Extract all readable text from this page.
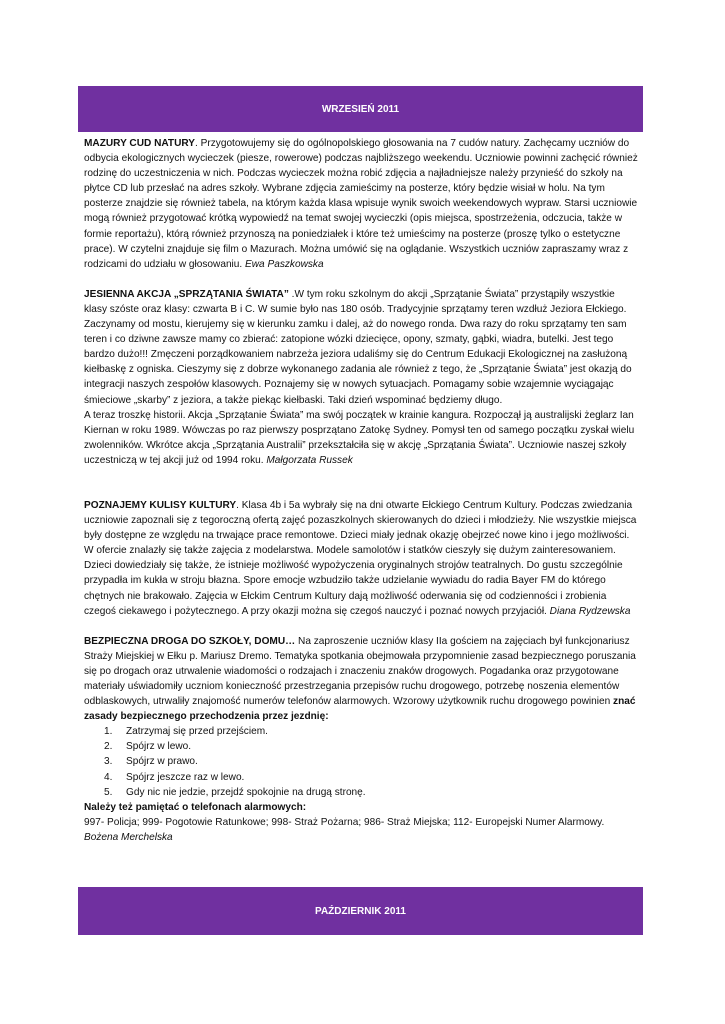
WRZESIEŃ 2011

MAZURY CUD NATURY. Przygotowujemy się do ogólnopolskiego głosowania na 7 cudów natury. Zachęcamy uczniów do odbycia ekologicznych wycieczek (piesze, rowerowe) podczas najbliższego weekendu. Uczniowie powinni zachęcić również rodzinę do uczestniczenia w nich. Podczas wycieczek można robić zdjęcia a najładniejsze należy przynieść do szkoły na płytce CD lub przesłać na adres szkoły. Wybrane zdjęcia zamieścimy na posterze, który będzie wisiał w holu. Na tym posterze znajdzie się również tabela, na którym każda klasa wpisuje wynik swoich weekendowych wypraw. Starsi uczniowie mogą również przygotować krótką wypowiedź na temat swojej wycieczki (opis miejsca, spostrzeżenia, odczucia, także w formie reportażu), którą również przynoszą na poniedziałek i które też umieścimy na posterze (proszę tylko o estetyczne prace). W czytelni znajduje się film o Mazurach. Można umówić się na oglądanie. Wszystkich uczniów zapraszamy wraz z rodzicami do udziału w głosowaniu. Ewa Paszkowska

JESIENNA AKCJA „SPRZĄTANIA ŚWIATA” .W tym roku szkolnym do akcji „Sprzątanie Świata” przystąpiły wszystkie klasy szóste oraz klasy: czwarta B i C. W sumie było nas 180 osób. Tradycyjnie sprzątamy teren wzdłuż Jeziora Ełckiego. Zaczynamy od mostu, kierujemy się w kierunku zamku i dalej, aż do nowego ronda. Dwa razy do roku sprzątamy ten sam teren i co dziwne zawsze mamy co zbierać: zatopione wózki dziecięce, opony, szmaty, gąbki, wiadra, butelki. Jest tego bardzo dużo!!! Zmęczeni porządkowaniem nabrzeża jeziora udaliśmy się do Centrum Edukacji Ekologicznej na zasłużoną kiełbaskę z ogniska. Cieszymy się z dobrze wykonanego zadania ale również z tego, że „Sprzątanie Świata” jest okazją do integracji naszych zespołów klasowych. Poznajemy się w nowych sytuacjach. Pomagamy sobie wzajemnie wyciągając śmieciowe „skarby” z jeziora, a także piekąc kiełbaski. Taki dzień wspominać będziemy długo.

A teraz troszkę historii. Akcja „Sprzątanie Świata” ma swój początek w krainie kangura. Rozpoczął ją australijski żeglarz Ian Kiernan w roku 1989. Wówczas po raz pierwszy posprzątano Zatokę Sydney. Pomysł ten od samego początku zyskał wielu zwolenników. Wkrótce akcja „Sprzątania Australii” przekształciła się w akcję „Sprzątania Świata”. Uczniowie naszej szkoły uczestniczą w tej akcji już od 1994 roku. Małgorzata Russek

POZNAJEMY KULISY KULTURY. Klasa 4b i 5a wybrały się na dni otwarte Ełckiego Centrum Kultury. Podczas zwiedzania uczniowie zapoznali się z tegoroczną ofertą zajęć pozaszkolnych skierowanych do dzieci i młodzieży. Nie wszystkie miejsca były dostępne ze względu na trwające prace remontowe. Dzieci miały jednak okazję obejrzeć nowe kino i jego możliwości. W ofercie znalazły się także zajęcia z modelarstwa. Modele samolotów i statków cieszyły się dużym zainteresowaniem. Dzieci dowiedziały się także, że istnieje możliwość wypożyczenia oryginalnych strojów teatralnych. Do gustu szczególnie przypadła im kukła w stroju błazna. Spore emocje wzbudziło także udzielanie wywiadu do radia Bayer FM do którego chętnych nie brakowało. Zajęcia w Ełckim Centrum Kultury dają możliwość oderwania się od codzienności i zrobienia czegoś ciekawego i pożytecznego. A przy okazji można się czegoś nauczyć i poznać nowych przyjaciół. Diana Rydzewska

BEZPIECZNA DROGA DO SZKOŁY, DOMU… Na zaproszenie uczniów klasy IIa gościem na zajęciach był funkcjonariusz Straży Miejskiej w Ełku p. Mariusz Dremo. Tematyka spotkania obejmowała przypomnienie zasad bezpiecznego poruszania się po drogach oraz utrwalenie wiadomości o rodzajach i znaczeniu znaków drogowych. Pogadanka oraz przygotowane materiały uświadomiły uczniom konieczność przestrzegania przepisów ruchu drogowego, potrzebę noszenia elementów odblaskowych, utrwaliły znajomość numerów telefonów alarmowych. Wzorowy użytkownik ruchu drogowego powinien znać zasady bezpiecznego przechodzenia przez jezdnię:

1. Zatrzymaj się przed przejściem.
2. Spójrz w lewo.
3. Spójrz w prawo.
4. Spójrz jeszcze raz w lewo.
5. Gdy nic nie jedzie, przejdź spokojnie na drugą stronę.

Należy też pamiętać o telefonach alarmowych:

997- Policja; 999- Pogotowie Ratunkowe; 998- Straż Pożarna; 986- Straż Miejska; 112- Europejski Numer Alarmowy. Bożena Merchelska

PAŹDZIERNIK 2011
